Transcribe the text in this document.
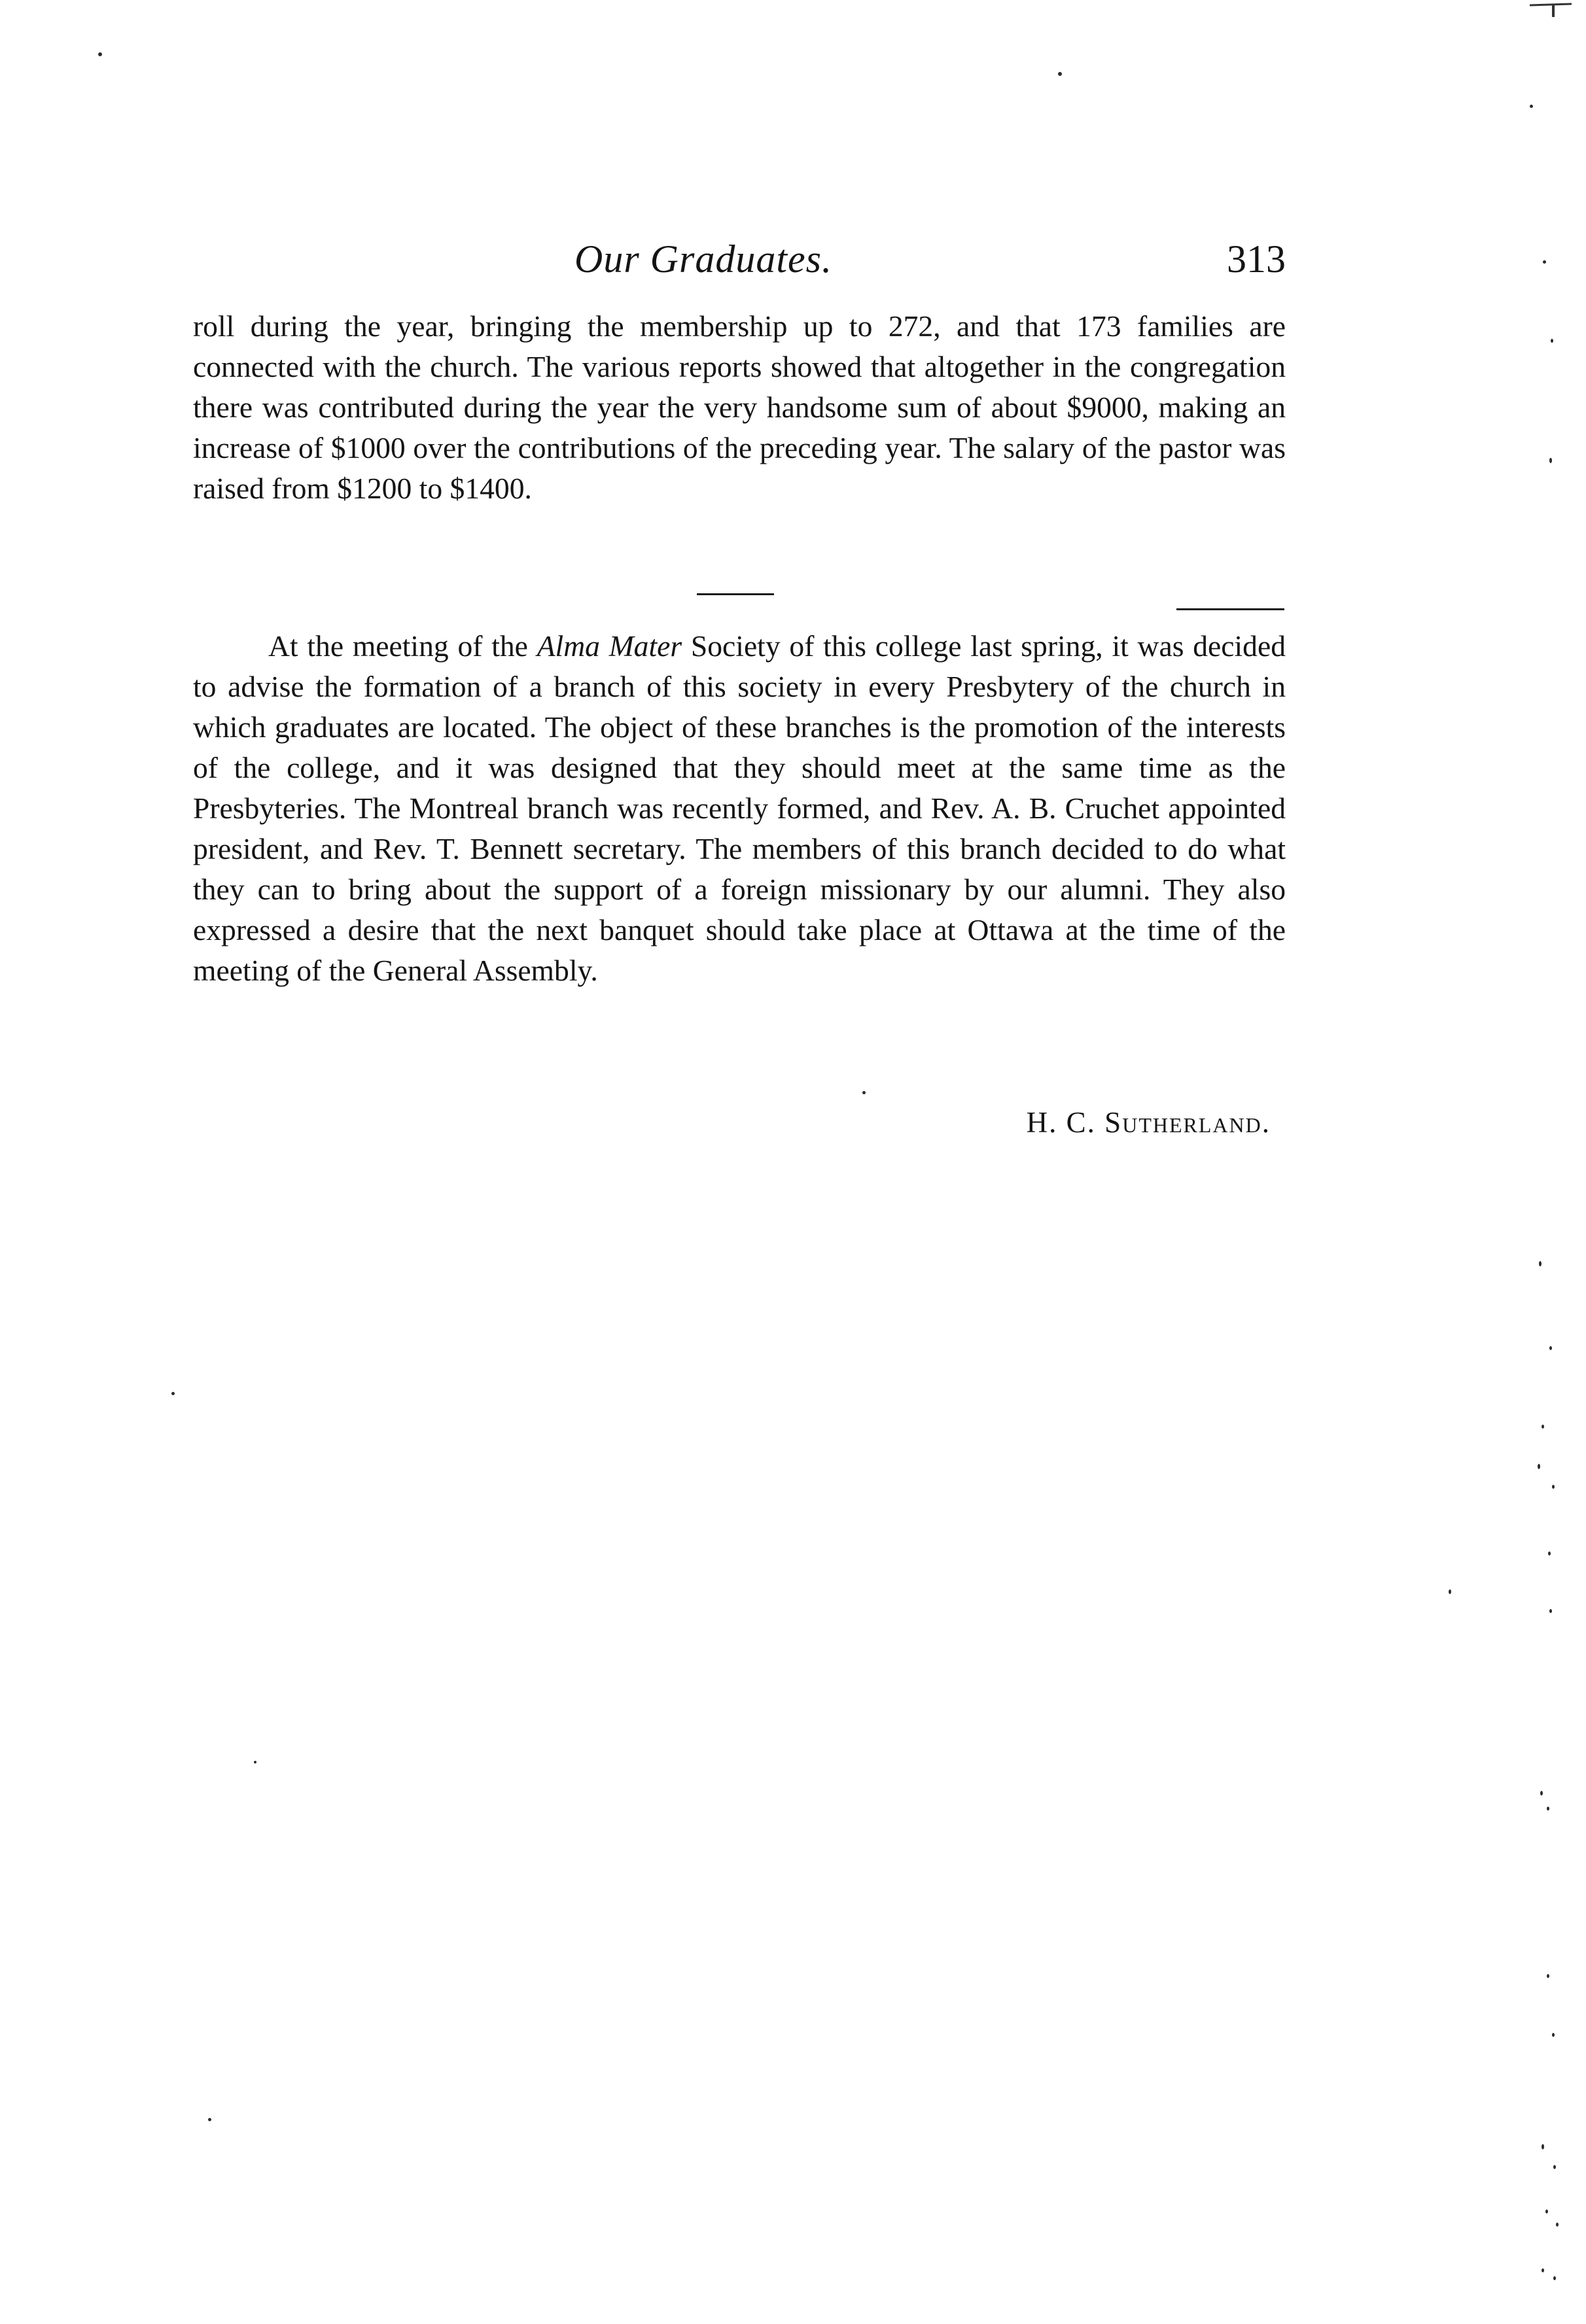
Our Graduates.	313

roll during the year, bringing the membership up to 272, and that 173 families are connected with the church. The various reports showed that altogether in the congregation there was contributed during the year the very handsome sum of about $9000, making an increase of $1000 over the contributions of the preceding year. The salary of the pastor was raised from $1200 to $1400.

At the meeting of the Alma Mater Society of this college last spring, it was decided to advise the formation of a branch of this society in every Presbytery of the church in which graduates are located. The object of these branches is the promotion of the interests of the college, and it was designed that they should meet at the same time as the Presbyteries. The Montreal branch was recently formed, and Rev. A. B. Cruchet appointed president, and Rev. T. Bennett secretary. The members of this branch decided to do what they can to bring about the support of a foreign missionary by our alumni. They also expressed a desire that the next banquet should take place at Ottawa at the time of the meeting of the General Assembly.

H. C. Sutherland.
